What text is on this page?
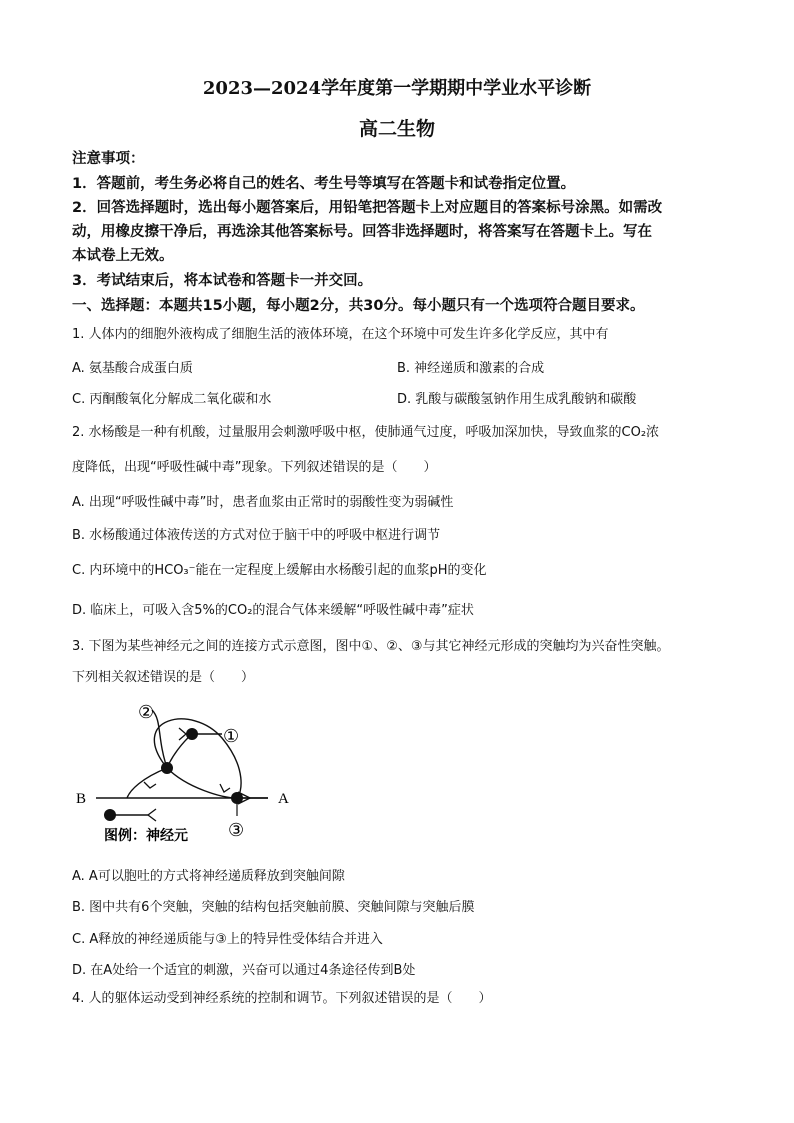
2023—2024学年度第一学期期中学业水平诊断
高二生物
注意事项：
1．答题前，考生务必将自己的姓名、考生号等填写在答题卡和试卷指定位置。
2．回答选择题时，选出每小题答案后，用铅笔把答题卡上对应题目的答案标号涂黑。如需改
动，用橡皮擦干净后，再选涂其他答案标号。回答非选择题时，将答案写在答题卡上。写在
本试卷上无效。
3．考试结束后，将本试卷和答题卡一并交回。
一、选择题：本题共15小题，每小题2分，共30分。每小题只有一个选项符合题目要求。
1. 人体内的细胞外液构成了细胞生活的液体环境，在这个环境中可发生许多化学反应，其中有
A. 氨基酸合成蛋白质	B. 神经递质和激素的合成
C. 丙酮酸氧化分解成二氧化碳和水	D. 乳酸与碳酸氢钠作用生成乳酸钠和碳酸
2. 水杨酸是一种有机酸，过量服用会刺激呼吸中枢，使肺通气过度，呼吸加深加快，导致血浆的CO₂浓
度降低，出现“呼吸性碱中毒”现象。下列叙述错误的是（　　）
A. 出现“呼吸性碱中毒”时，患者血浆由正常时的弱酸性变为弱碱性
B. 水杨酸通过体液传送的方式对位于脑干中的呼吸中枢进行调节
C. 内环境中的HCO₃⁻能在一定程度上缓解由水杨酸引起的血浆pH的变化
D. 临床上，可吸入含5%的CO₂的混合气体来缓解“呼吸性碱中毒”症状
3. 下图为某些神经元之间的连接方式示意图，图中①、②、③与其它神经元形成的突触均为兴奋性突触。
下列相关叙述错误的是（　　）
②
①
③
B	A
图例：神经元
A. A可以胞吐的方式将神经递质释放到突触间隙
B. 图中共有6个突触，突触的结构包括突触前膜、突触间隙与突触后膜
C. A释放的神经递质能与③上的特异性受体结合并进入
D. 在A处给一个适宜的刺激，兴奋可以通过4条途径传到B处
4. 人的躯体运动受到神经系统的控制和调节。下列叙述错误的是（　　）
